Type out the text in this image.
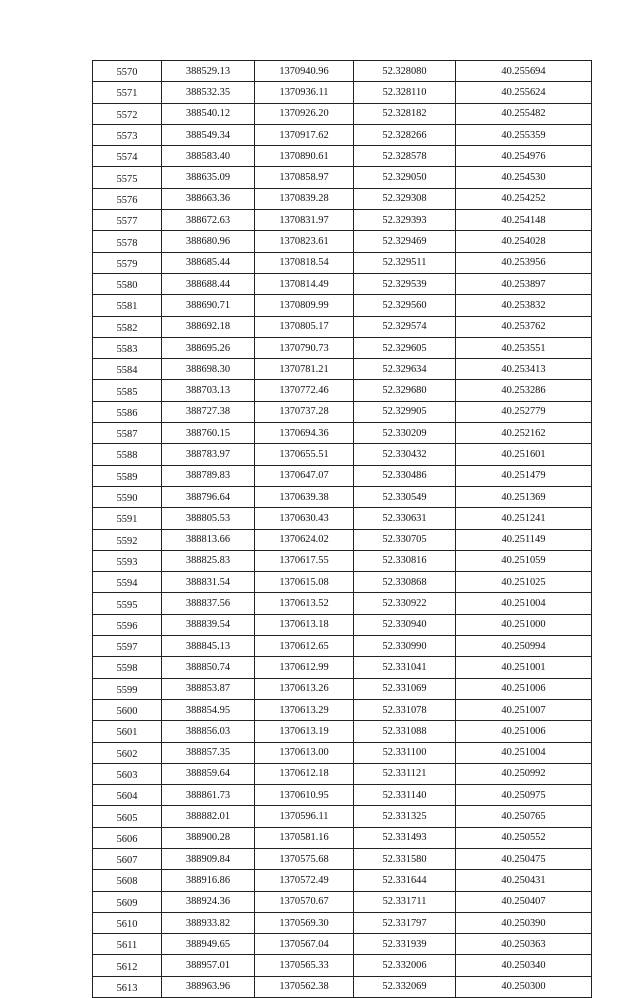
5570	388529.13	1370940.96	52.328080	40.255694
5571	388532.35	1370936.11	52.328110	40.255624
5572	388540.12	1370926.20	52.328182	40.255482
5573	388549.34	1370917.62	52.328266	40.255359
5574	388583.40	1370890.61	52.328578	40.254976
5575	388635.09	1370858.97	52.329050	40.254530
5576	388663.36	1370839.28	52.329308	40.254252
5577	388672.63	1370831.97	52.329393	40.254148
5578	388680.96	1370823.61	52.329469	40.254028
5579	388685.44	1370818.54	52.329511	40.253956
5580	388688.44	1370814.49	52.329539	40.253897
5581	388690.71	1370809.99	52.329560	40.253832
5582	388692.18	1370805.17	52.329574	40.253762
5583	388695.26	1370790.73	52.329605	40.253551
5584	388698.30	1370781.21	52.329634	40.253413
5585	388703.13	1370772.46	52.329680	40.253286
5586	388727.38	1370737.28	52.329905	40.252779
5587	388760.15	1370694.36	52.330209	40.252162
5588	388783.97	1370655.51	52.330432	40.251601
5589	388789.83	1370647.07	52.330486	40.251479
5590	388796.64	1370639.38	52.330549	40.251369
5591	388805.53	1370630.43	52.330631	40.251241
5592	388813.66	1370624.02	52.330705	40.251149
5593	388825.83	1370617.55	52.330816	40.251059
5594	388831.54	1370615.08	52.330868	40.251025
5595	388837.56	1370613.52	52.330922	40.251004
5596	388839.54	1370613.18	52.330940	40.251000
5597	388845.13	1370612.65	52.330990	40.250994
5598	388850.74	1370612.99	52.331041	40.251001
5599	388853.87	1370613.26	52.331069	40.251006
5600	388854.95	1370613.29	52.331078	40.251007
5601	388856.03	1370613.19	52.331088	40.251006
5602	388857.35	1370613.00	52.331100	40.251004
5603	388859.64	1370612.18	52.331121	40.250992
5604	388861.73	1370610.95	52.331140	40.250975
5605	388882.01	1370596.11	52.331325	40.250765
5606	388900.28	1370581.16	52.331493	40.250552
5607	388909.84	1370575.68	52.331580	40.250475
5608	388916.86	1370572.49	52.331644	40.250431
5609	388924.36	1370570.67	52.331711	40.250407
5610	388933.82	1370569.30	52.331797	40.250390
5611	388949.65	1370567.04	52.331939	40.250363
5612	388957.01	1370565.33	52.332006	40.250340
5613	388963.96	1370562.38	52.332069	40.250300
